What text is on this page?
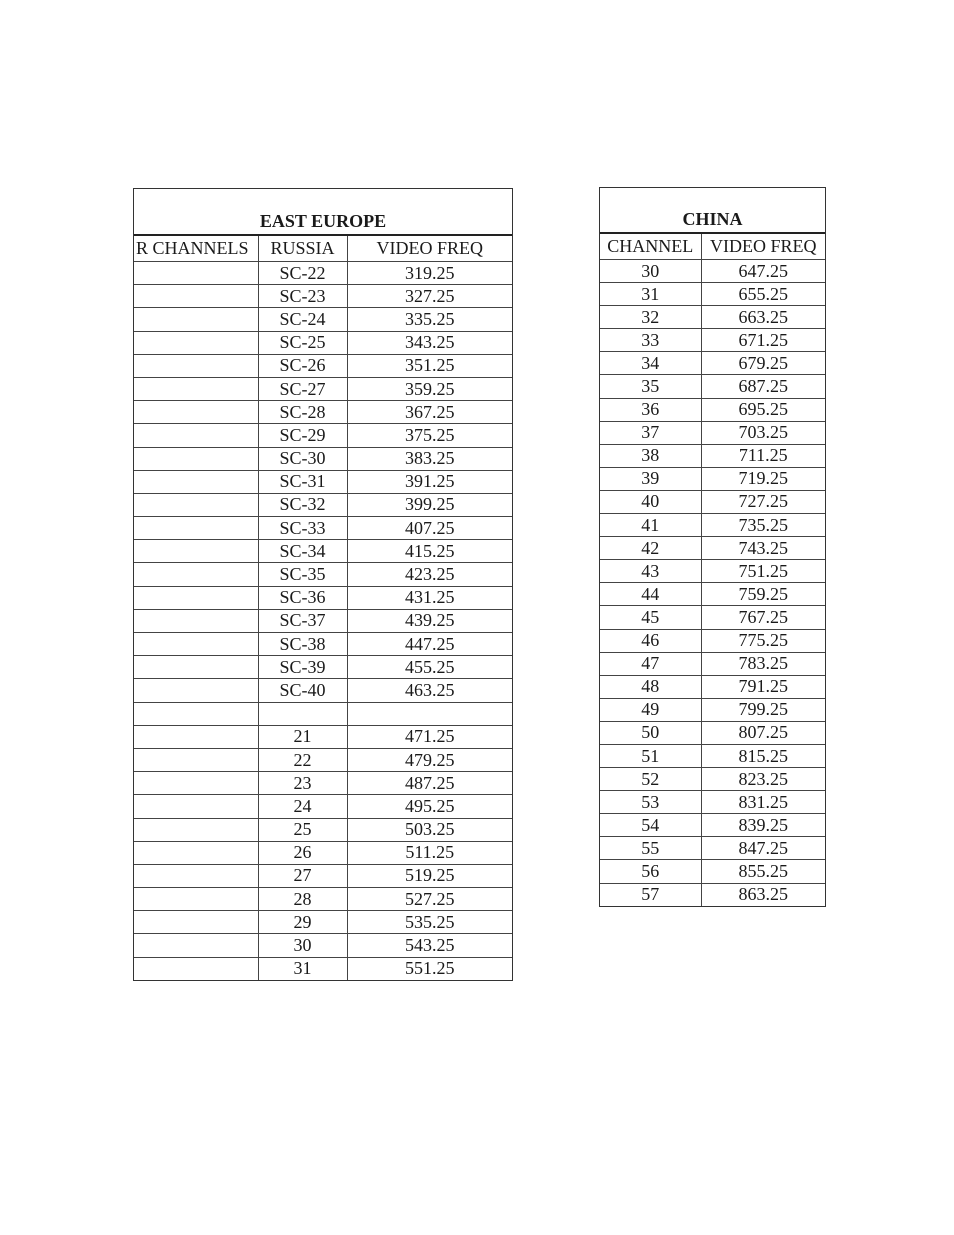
EAST EUROPE
R CHANNELS	RUSSIA	VIDEO FREQ
	SC-22	319.25
	SC-23	327.25
	SC-24	335.25
	SC-25	343.25
	SC-26	351.25
	SC-27	359.25
	SC-28	367.25
	SC-29	375.25
	SC-30	383.25
	SC-31	391.25
	SC-32	399.25
	SC-33	407.25
	SC-34	415.25
	SC-35	423.25
	SC-36	431.25
	SC-37	439.25
	SC-38	447.25
	SC-39	455.25
	SC-40	463.25

	21	471.25
	22	479.25
	23	487.25
	24	495.25
	25	503.25
	26	511.25
	27	519.25
	28	527.25
	29	535.25
	30	543.25
	31	551.25
CHINA
CHANNEL	VIDEO FREQ
30	647.25
31	655.25
32	663.25
33	671.25
34	679.25
35	687.25
36	695.25
37	703.25
38	711.25
39	719.25
40	727.25
41	735.25
42	743.25
43	751.25
44	759.25
45	767.25
46	775.25
47	783.25
48	791.25
49	799.25
50	807.25
51	815.25
52	823.25
53	831.25
54	839.25
55	847.25
56	855.25
57	863.25
